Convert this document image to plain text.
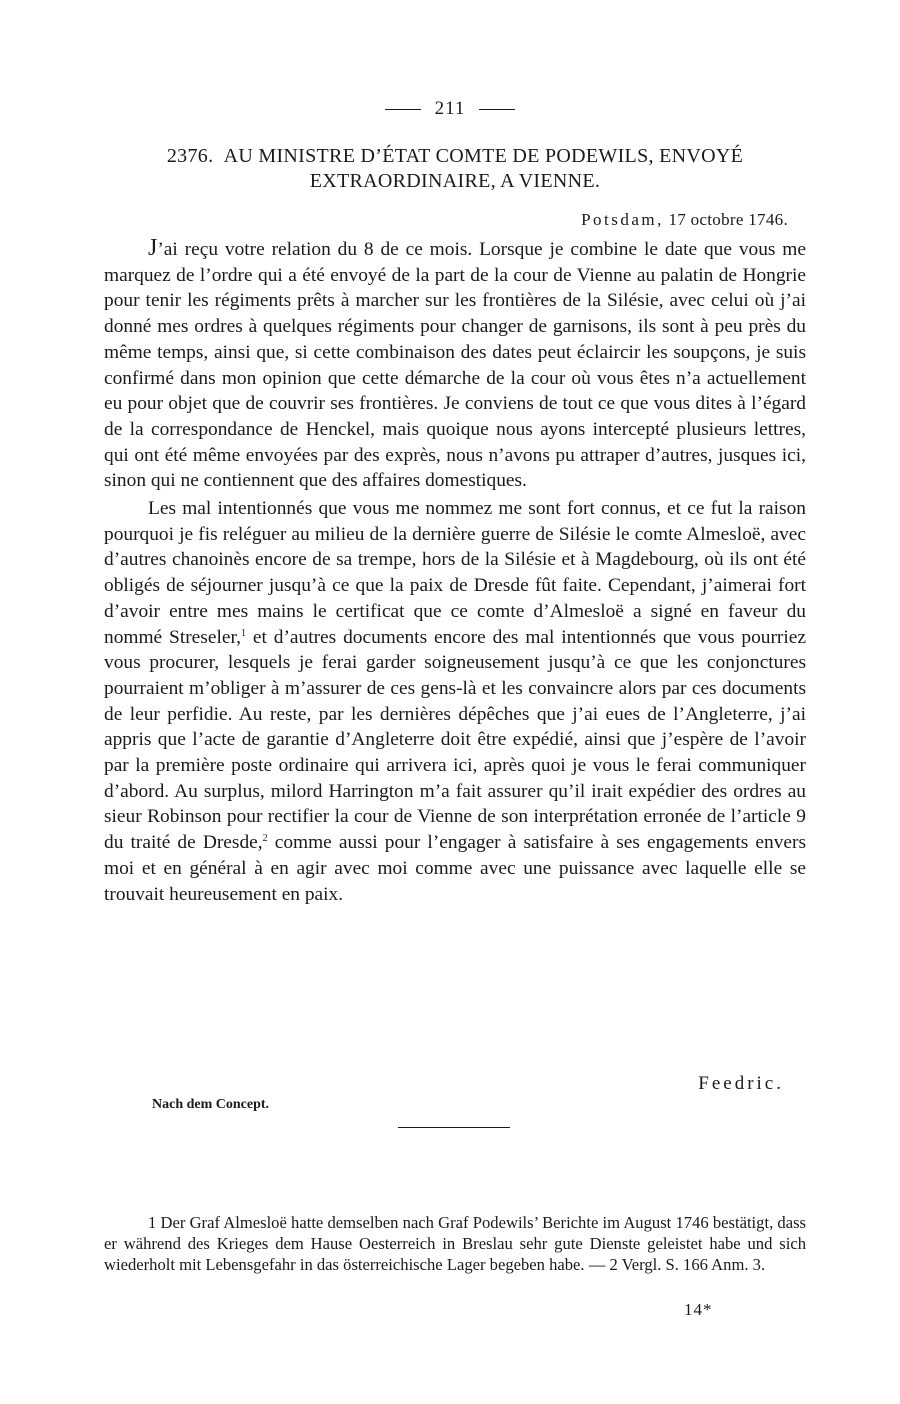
211
2376. AU MINISTRE D’ÉTAT COMTE DE PODEWILS, ENVOYÉ EXTRAORDINAIRE, A VIENNE.
Potsdam, 17 octobre 1746.

J’ai reçu votre relation du 8 de ce mois. Lorsque je combine le date que vous me marquez de l’ordre qui a été envoyé de la part de la cour de Vienne au palatin de Hongrie pour tenir les régiments prêts à marcher sur les frontières de la Silésie, avec celui où j’ai donné mes ordres à quelques régiments pour changer de garnisons, ils sont à peu près du même temps, ainsi que, si cette combinaison des dates peut éclaircir les soupçons, je suis confirmé dans mon opinion que cette démarche de la cour où vous êtes n’a actuellement eu pour objet que de couvrir ses frontières. Je conviens de tout ce que vous dites à l’égard de la correspondance de Henckel, mais quoique nous ayons intercepté plusieurs lettres, qui ont été même envoyées par des exprès, nous n’avons pu attraper d’autres, jusques ici, sinon qui ne contiennent que des affaires domestiques.

Les mal intentionnés que vous me nommez me sont fort connus, et ce fut la raison pourquoi je fis reléguer au milieu de la dernière guerre de Silésie le comte Almesloë, avec d’autres chanoinès encore de sa trempe, hors de la Silésie et à Magdebourg, où ils ont été obligés de séjourner jusqu’à ce que la paix de Dresde fût faite. Cependant, j’aimerai fort d’avoir entre mes mains le certificat que ce comte d’Almesloë a signé en faveur du nommé Streseler,$^1$ et d’autres documents encore des mal intentionnés que vous pourriez vous procurer, lesquels je ferai garder soigneusement jusqu’à ce que les conjonctures pourraient m’obliger à m’assurer de ces gens-là et les convaincre alors par ces documents de leur perfidie. Au reste, par les dernières dépêches que j’ai eues de l’Angleterre, j’ai appris que l’acte de garantie d’Angleterre doit être expédié, ainsi que j’espère de l’avoir par la première poste ordinaire qui arrivera ici, après quoi je vous le ferai communiquer d’abord. Au surplus, milord Harrington m’a fait assurer qu’il irait expédier des ordres au sieur Robinson pour rectifier la cour de Vienne de son interprétation erronée de l’article 9 du traité de Dresde,$^2$ comme aussi pour l’engager à satisfaire à ses engagements envers moi et en général à en agir avec moi comme avec une puissance avec laquelle elle se trouvait heureusement en paix.

Feedric.
Nach dem Concept.

1 Der Graf Almesloë hatte demselben nach Graf Podewils’ Berichte im August 1746 bestätigt, dass er während des Krieges dem Hause Oesterreich in Breslau sehr gute Dienste geleistet habe und sich wiederholt mit Lebensgefahr in das österreichische Lager begeben habe. — 2 Vergl. S. 166 Anm. 3.

14*
